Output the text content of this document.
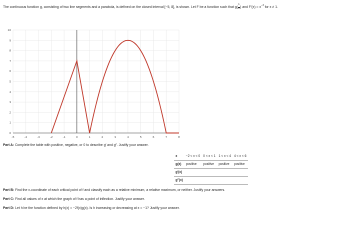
The continuous function g, consisting of two line segments and a parabola, is defined on the closed interval [−5, 8], is shown. Let F be a function such that $g( \frac{1}{x}$ ) and $F'(x) = x^{-3}$ for x ≠ 1.
-5	-4	-3	-2	-1	0	1	2	3	4	5	6	7	8
10
9
8
7
6
5
4
3
2
1
0
Part A: Complete the table with positive, negative, or 0 to describe g′ and g″. Justify your answer.
x	−2 < x < 0	0 < x < 1	1 < x < 4	4 < x < 6
g(x)	positive	positive	positive	positive
g′(x)				
g″(x)				
Part B: Find the x-coordinate of each critical point of f and classify each as a relative minimum, a relative maximum, or neither. Justify your answers.
Part C: Find all values of x at which the graph of f has a point of inflection. Justify your answer.
Part D: Let h be the function defined by h(x) = −2f(x)g(x). Is h increasing or decreasing at x = −1? Justify your answer.
